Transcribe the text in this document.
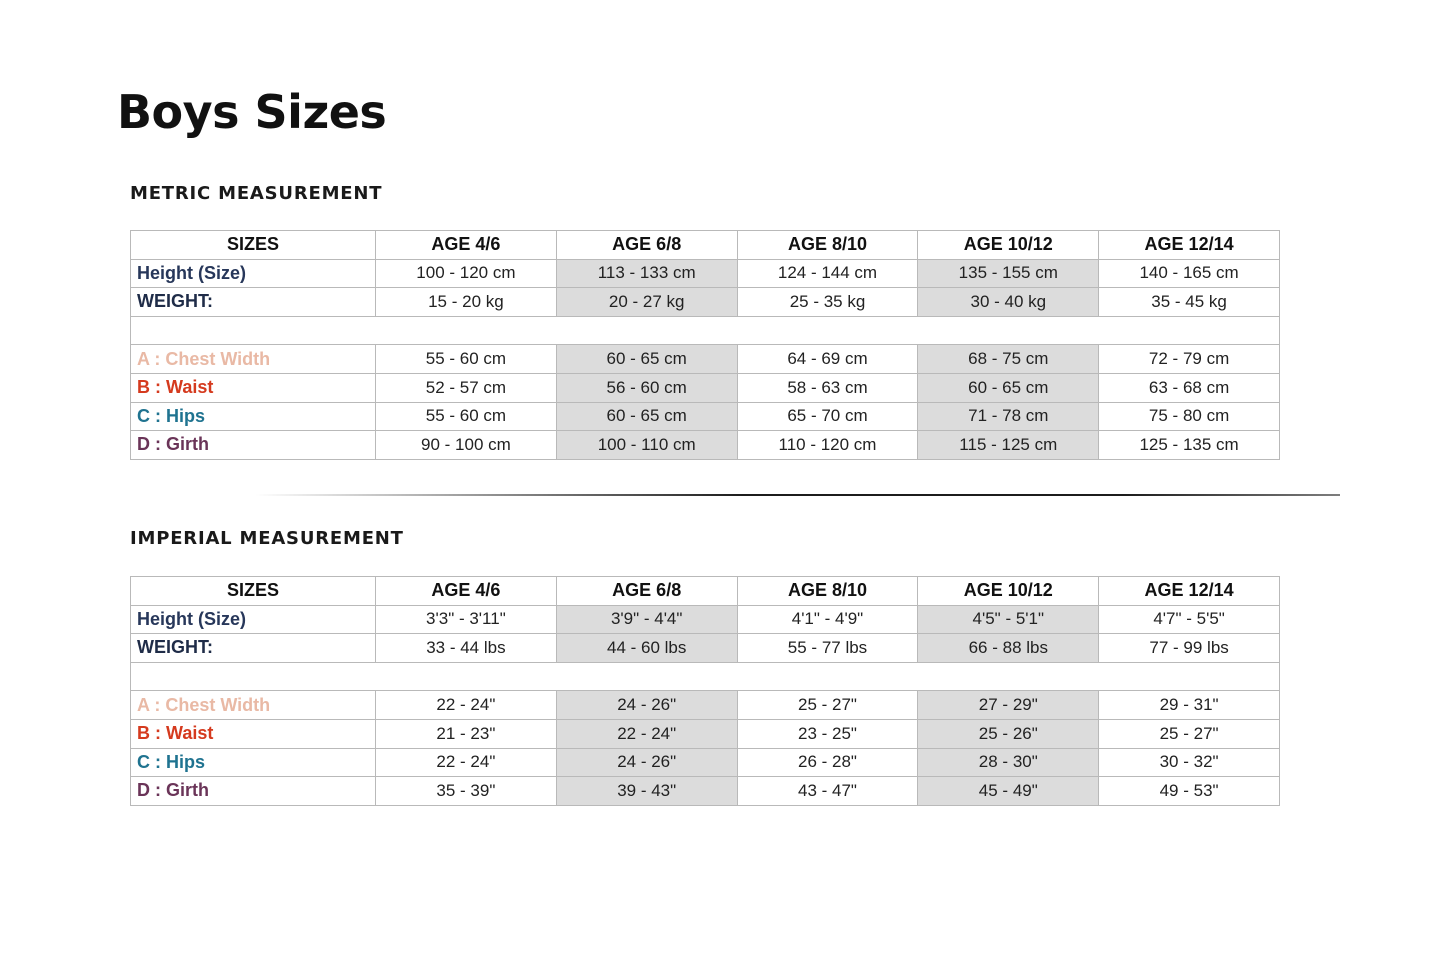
Boys Sizes
METRIC MEASUREMENT
SIZES	AGE 4/6	AGE 6/8	AGE 8/10	AGE 10/12	AGE 12/14
Height (Size)	100 - 120 cm	113 - 133 cm	124 - 144 cm	135 - 155 cm	140 - 165 cm
WEIGHT:	15 - 20 kg	20 - 27 kg	25 - 35 kg	30 - 40 kg	35 - 45 kg

A : Chest Width	55 - 60 cm	60 - 65 cm	64 - 69 cm	68 - 75 cm	72 - 79 cm
B : Waist	52 - 57 cm	56 - 60 cm	58 - 63 cm	60 - 65 cm	63 - 68 cm
C : Hips	55 - 60 cm	60 - 65 cm	65 - 70 cm	71 - 78 cm	75 - 80 cm
D : Girth	90 - 100 cm	100 - 110 cm	110 - 120 cm	115 - 125 cm	125 - 135 cm
IMPERIAL MEASUREMENT
SIZES	AGE 4/6	AGE 6/8	AGE 8/10	AGE 10/12	AGE 12/14
Height (Size)	3'3" - 3'11"	3'9" - 4'4"	4'1" - 4'9"	4'5" - 5'1"	4'7" - 5'5"
WEIGHT:	33 - 44 lbs	44 - 60 lbs	55 - 77 lbs	66 - 88 lbs	77 - 99 lbs

A : Chest Width	22 - 24"	24 - 26"	25 - 27"	27 - 29"	29 - 31"
B : Waist	21 - 23"	22 - 24"	23 - 25"	25 - 26"	25 - 27"
C : Hips	22 - 24"	24 - 26"	26 - 28"	28 - 30"	30 - 32"
D : Girth	35 - 39"	39 - 43"	43 - 47"	45 - 49"	49 - 53"
